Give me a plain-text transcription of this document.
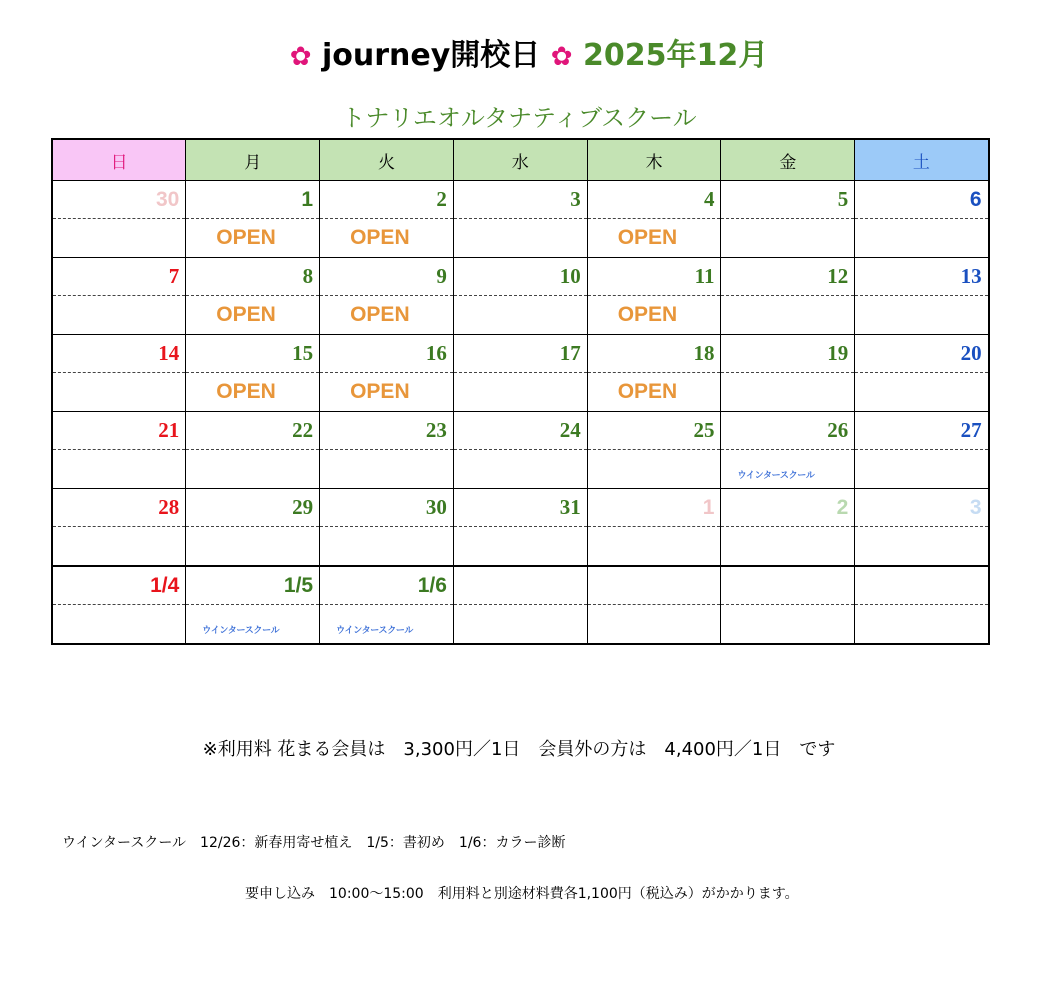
✿ journey開校日 ✿ 2025年12月
トナリエオルタナティブスクール
日	月	火	水	木	金	土
30	1	2	3	4	5	6
	OPEN	OPEN		OPEN		
7	8	9	10	11	12	13
	OPEN	OPEN		OPEN		
14	15	16	17	18	19	20
	OPEN	OPEN		OPEN		
21	22	23	24	25	26	27
					ウインタースクール	
28	29	30	31	1	2	3

1/4	1/5	1/6				
	ウインタースクール	ウインタースクール				
※利用料 花まる会員は　3,300円／1日　会員外の方は　4,400円／1日　です
ウインタースクール　12/26：新春用寄せ植え　1/5：書初め　1/6：カラー診断
要申し込み　10:00〜15:00　利用料と別途材料費各1,100円（税込み）がかかります。
